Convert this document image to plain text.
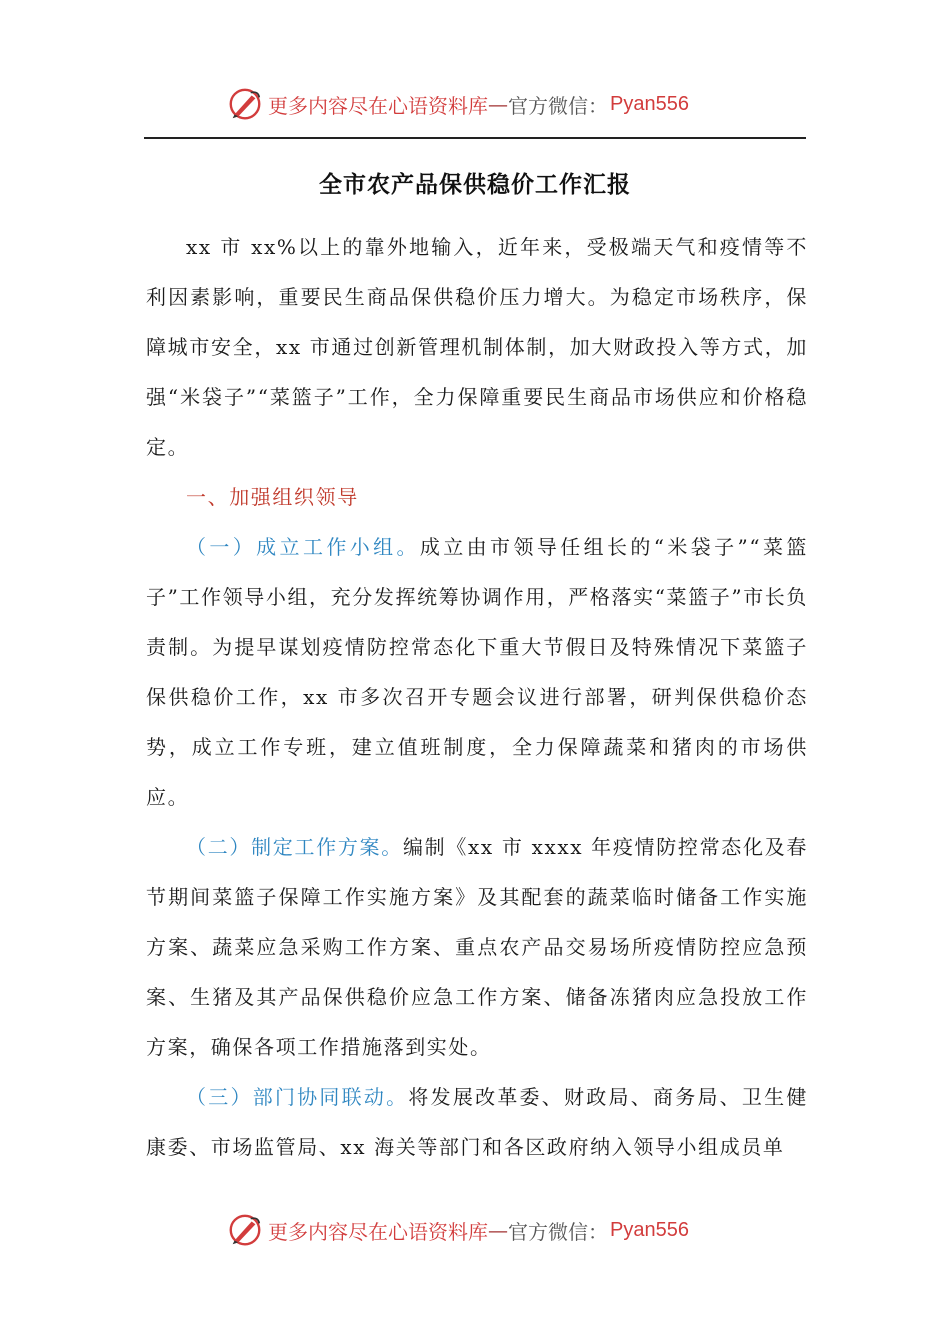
更多内容尽在心语资料库 — 官方微信： Pyan556
全市农产品保供稳价工作汇报

xx 市 xx%以上的靠外地输入，近年来，受极端天气和疫情等不利因素影响，重要民生商品保供稳价压力增大。为稳定市场秩序，保障城市安全，xx 市通过创新管理机制体制，加大财政投入等方式，加强“米袋子”“菜篮子”工作，全力保障重要民生商品市场供应和价格稳定。

一、加强组织领导

（一）成立工作小组。成立由市领导任组长的“米袋子”“菜篮子”工作领导小组，充分发挥统筹协调作用，严格落实“菜篮子”市长负责制。为提早谋划疫情防控常态化下重大节假日及特殊情况下菜篮子保供稳价工作，xx 市多次召开专题会议进行部署，研判保供稳价态势，成立工作专班，建立值班制度，全力保障蔬菜和猪肉的市场供应。

（二）制定工作方案。编制《xx 市 xxxx 年疫情防控常态化及春节期间菜篮子保障工作实施方案》及其配套的蔬菜临时储备工作实施方案、蔬菜应急采购工作方案、重点农产品交易场所疫情防控应急预案、生猪及其产品保供稳价应急工作方案、储备冻猪肉应急投放工作方案，确保各项工作措施落到实处。

（三）部门协同联动。将发展改革委、财政局、商务局、卫生健康委、市场监管局、xx 海关等部门和各区政府纳入领导小组成员单

更多内容尽在心语资料库 — 官方微信： Pyan556
